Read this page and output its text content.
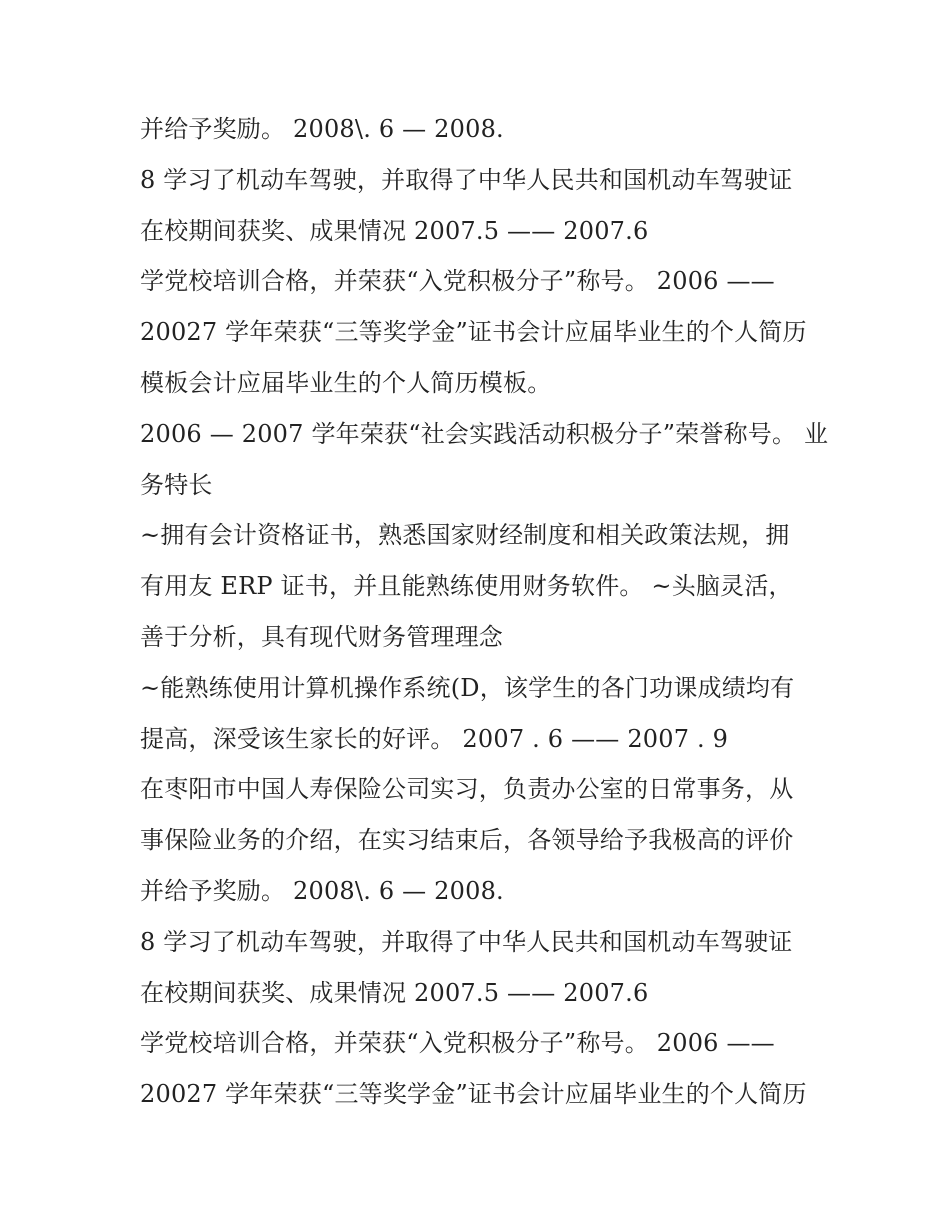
并给予奖励。 2008\. 6 — 2008.
8 学习了机动车驾驶，并取得了中华人民共和国机动车驾驶证
在校期间获奖、成果情况 2007.5 —— 2007.6
学党校培训合格，并荣获“入党积极分子”称号。 2006 ——
20027 学年荣获“三等奖学金”证书会计应届毕业生的个人简历
模板会计应届毕业生的个人简历模板。
2006 — 2007 学年荣获“社会实践活动积极分子”荣誉称号。 业
务特长
~拥有会计资格证书，熟悉国家财经制度和相关政策法规，拥
有用友 ERP 证书，并且能熟练使用财务软件。 ~头脑灵活，
善于分析，具有现代财务管理理念
~能熟练使用计算机操作系统(D，该学生的各门功课成绩均有
提高，深受该生家长的好评。 2007 . 6 —— 2007 . 9
在枣阳市中国人寿保险公司实习，负责办公室的日常事务，从
事保险业务的介绍，在实习结束后，各领导给予我极高的评价
并给予奖励。 2008\. 6 — 2008.
8 学习了机动车驾驶，并取得了中华人民共和国机动车驾驶证
在校期间获奖、成果情况 2007.5 —— 2007.6
学党校培训合格，并荣获“入党积极分子”称号。 2006 ——
20027 学年荣获“三等奖学金”证书会计应届毕业生的个人简历
